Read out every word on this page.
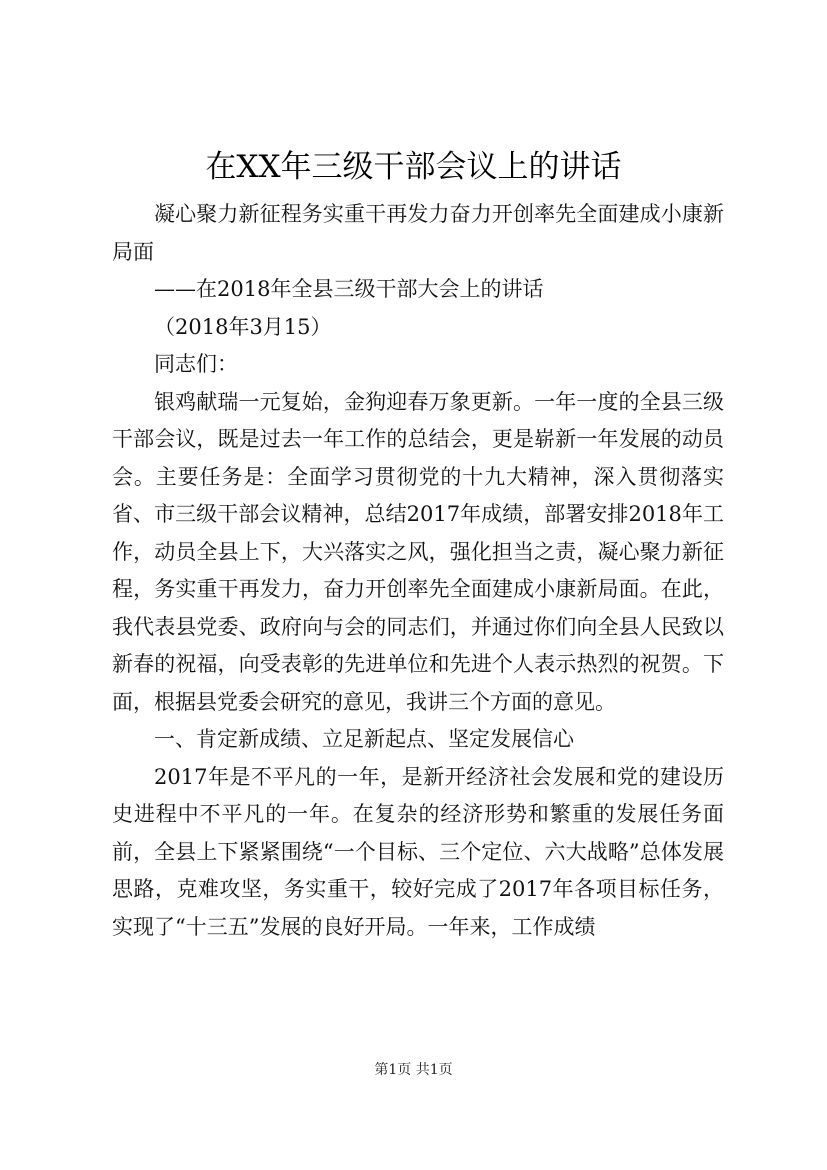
在XX年三级干部会议上的讲话

凝心聚力新征程务实重干再发力奋力开创率先全面建成小康新局面

——在2018年全县三级干部大会上的讲话

（2018年3月15）

同志们：

银鸡献瑞一元复始，金狗迎春万象更新。一年一度的全县三级干部会议，既是过去一年工作的总结会，更是崭新一年发展的动员会。主要任务是：全面学习贯彻党的十九大精神，深入贯彻落实省、市三级干部会议精神，总结2017年成绩，部署安排2018年工作，动员全县上下，大兴落实之风，强化担当之责，凝心聚力新征程，务实重干再发力，奋力开创率先全面建成小康新局面。在此，我代表县党委、政府向与会的同志们，并通过你们向全县人民致以新春的祝福，向受表彰的先进单位和先进个人表示热烈的祝贺。下面，根据县党委会研究的意见，我讲三个方面的意见。

一、肯定新成绩、立足新起点、坚定发展信心

2017年是不平凡的一年，是新开经济社会发展和党的建设历史进程中不平凡的一年。在复杂的经济形势和繁重的发展任务面前，全县上下紧紧围绕“一个目标、三个定位、六大战略”总体发展思路，克难攻坚，务实重干，较好完成了2017年各项目标任务，实现了“十三五”发展的良好开局。一年来，工作成绩

第1页 共1页
